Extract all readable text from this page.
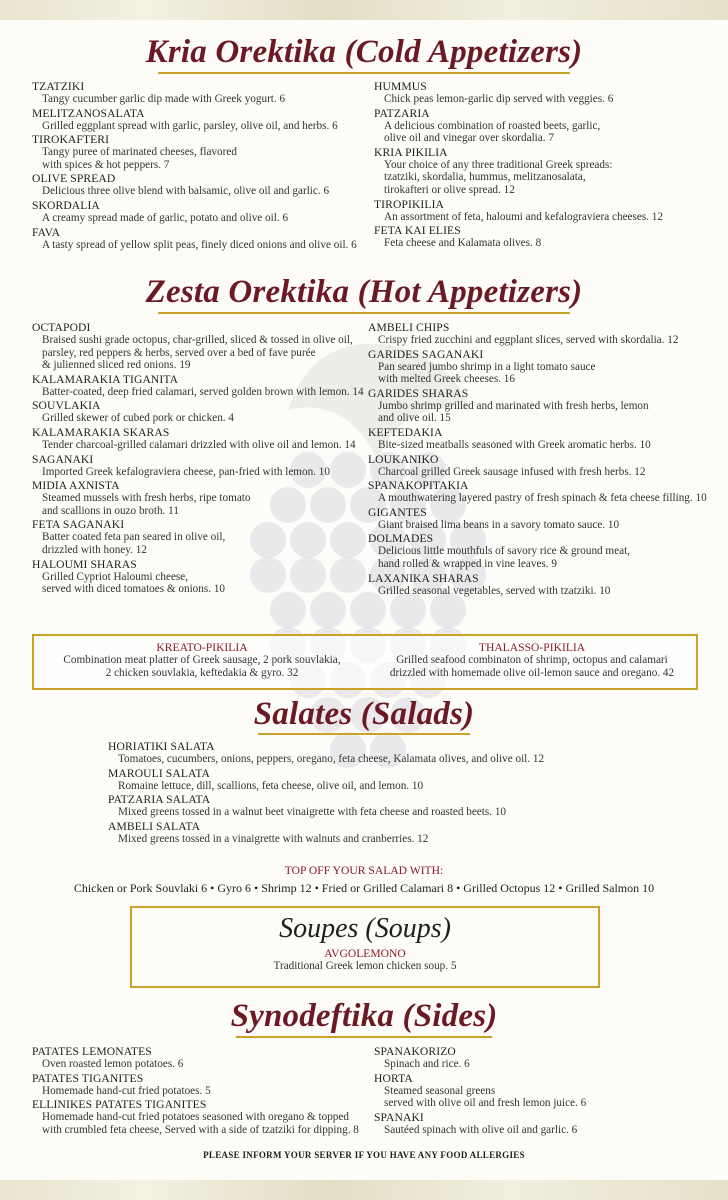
Kria Orektika (Cold Appetizers)
TZATZIKI
Tangy cucumber garlic dip made with Greek yogurt. 6
MELITZANOSALATA
Grilled eggplant spread with garlic, parsley, olive oil, and herbs. 6
TIROKAFTERI
Tangy puree of marinated cheeses, flavored
with spices & hot peppers. 7
OLIVE SPREAD
Delicious three olive blend with balsamic, olive oil and garlic. 6
SKORDALIA
A creamy spread made of garlic, potato and olive oil. 6
FAVA
A tasty spread of yellow split peas, finely diced onions and olive oil. 6
HUMMUS
Chick peas lemon-garlic dip served with veggies. 6
PATZARIA
A delicious combination of roasted beets, garlic,
olive oil and vinegar over skordalia. 7
KRIA PIKILIA
Your choice of any three traditional Greek spreads:
tzatziki, skordalia, hummus, melitzanosalata,
tirokafteri or olive spread. 12
TIROPIKILIA
An assortment of feta, haloumi and kefalograviera cheeses. 12
FETA KAI ELIES
Feta cheese and Kalamata olives. 8
Zesta Orektika (Hot Appetizers)
OCTAPODI
Braised sushi grade octopus, char-grilled, sliced & tossed in olive oil,
parsley, red peppers & herbs, served over a bed of fave purée
& julienned sliced red onions. 19
KALAMARAKIA TIGANITA
Batter-coated, deep fried calamari, served golden brown with lemon. 14
SOUVLAKIA
Grilled skewer of cubed pork or chicken. 4
KALAMARAKIA SKARAS
Tender charcoal-grilled calamari drizzled with olive oil and lemon. 14
SAGANAKI
Imported Greek kefalograviera cheese, pan-fried with lemon. 10
MIDIA AXNISTA
Steamed mussels with fresh herbs, ripe tomato
and scallions in ouzo broth. 11
FETA SAGANAKI
Batter coated feta pan seared in olive oil,
drizzled with honey. 12
HALOUMI SHARAS
Grilled Cypriot Haloumi cheese,
served with diced tomatoes & onions. 10
AMBELI CHIPS
Crispy fried zucchini and eggplant slices, served with skordalia. 12
GARIDES SAGANAKI
Pan seared jumbo shrimp in a light tomato sauce
with melted Greek cheeses. 16
GARIDES SHARAS
Jumbo shrimp grilled and marinated with fresh herbs, lemon
and olive oil. 15
KEFTEDAKIA
Bite-sized meatballs seasoned with Greek aromatic herbs. 10
LOUKANIKO
Charcoal grilled Greek sausage infused with fresh herbs. 12
SPANAKOPITAKIA
A mouthwatering layered pastry of fresh spinach & feta cheese filling. 10
GIGANTES
Giant braised lima beans in a savory tomato sauce. 10
DOLMADES
Delicious little mouthfuls of savory rice & ground meat,
hand rolled & wrapped in vine leaves. 9
LAXANIKA SHARAS
Grilled seasonal vegetables, served with tzatziki. 10
KREATO-PIKILIA
Combination meat platter of Greek sausage, 2 pork souvlakia,
2 chicken souvlakia, keftedakia & gyro. 32
THALASSO-PIKILIA
Grilled seafood combinaton of shrimp, octopus and calamari
drizzled with homemade olive oil-lemon sauce and oregano. 42
Salates (Salads)
HORIATIKI SALATA
Tomatoes, cucumbers, onions, peppers, oregano, feta cheese, Kalamata olives, and olive oil. 12
MAROULI SALATA
Romaine lettuce, dill, scallions, feta cheese, olive oil, and lemon. 10
PATZARIA SALATA
Mixed greens tossed in a walnut beet vinaigrette with feta cheese and roasted beets. 10
AMBELI SALATA
Mixed greens tossed in a vinaigrette with walnuts and cranberries. 12
TOP OFF YOUR SALAD WITH:
Chicken or Pork Souvlaki 6 • Gyro 6 • Shrimp 12 • Fried or Grilled Calamari 8 • Grilled Octopus 12 • Grilled Salmon 10
Soupes (Soups)
AVGOLEMONO
Traditional Greek lemon chicken soup. 5
Synodeftika (Sides)
PATATES LEMONATES
Oven roasted lemon potatoes. 6
PATATES TIGANITES
Homemade hand-cut fried potatoes. 5
ELLINIKES PATATES TIGANITES
Homemade hand-cut fried potatoes seasoned with oregano & topped
with crumbled feta cheese, Served with a side of tzatziki for dipping. 8
SPANAKORIZO
Spinach and rice. 6
HORTA
Steamed seasonal greens
served with olive oil and fresh lemon juice. 6
SPANAKI
Sautéed spinach with olive oil and garlic. 6
PLEASE INFORM YOUR SERVER IF YOU HAVE ANY FOOD ALLERGIES
